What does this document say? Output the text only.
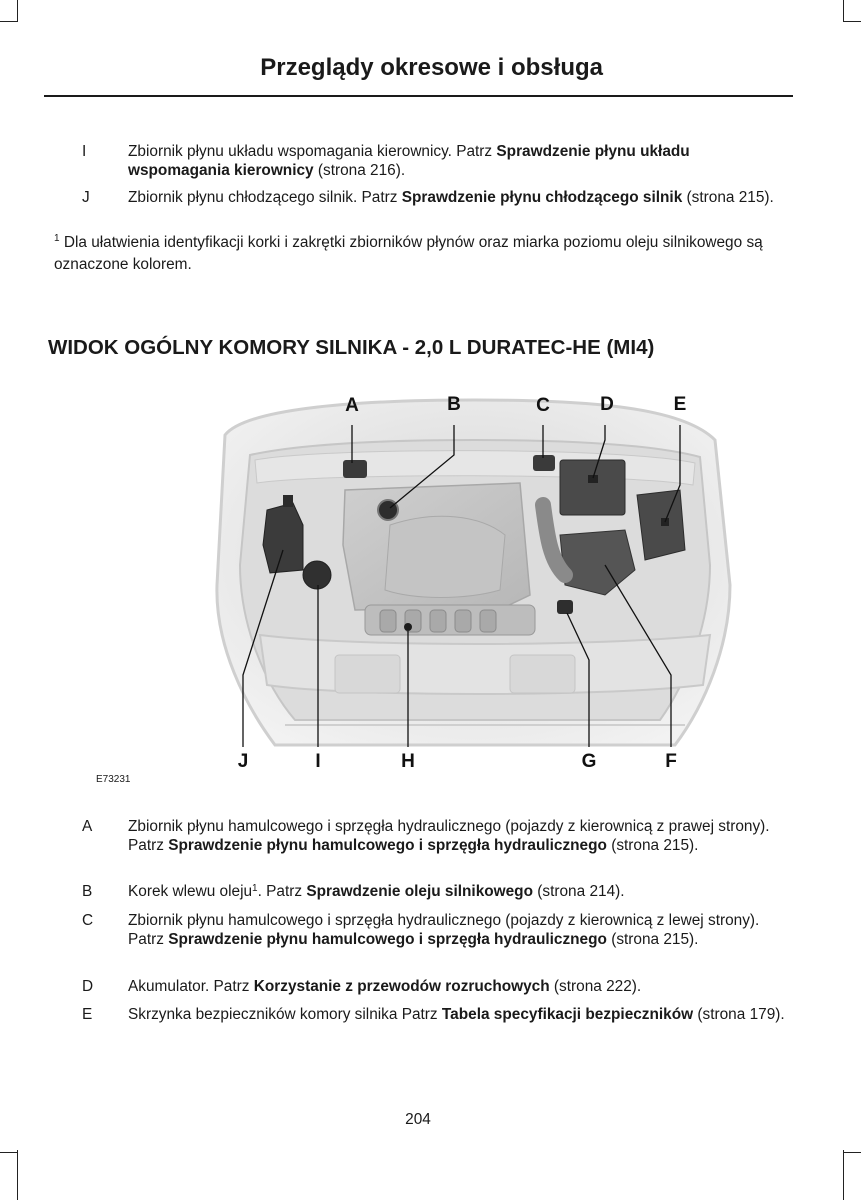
Przeglądy okresowe i obsługa
I	Zbiornik płynu układu wspomagania kierownicy. Patrz Sprawdzenie płynu układu wspomagania kierownicy (strona 216).
J Zbiornik płynu chłodzącego silnik. Patrz Sprawdzenie płynu chłodzącego silnik (strona 215).
$^1$ Dla ułatwienia identyfikacji korki i zakrętki zbiorników płynów oraz miarka poziomu oleju silnikowego są oznaczone kolorem.
WIDOK OGÓLNY KOMORY SILNIKA - 2,0 L DURATEC-HE (MI4)
A	B	C	D	E
J	I	H	G	F
E73231
A Zbiornik płynu hamulcowego i sprzęgła hydraulicznego (pojazdy z kierownicą z prawej strony). Patrz Sprawdzenie płynu hamulcowego i sprzęgła hydraulicznego (strona 215).
B Korek wlewu oleju$^1$. Patrz Sprawdzenie oleju silnikowego (strona 214).
C Zbiornik płynu hamulcowego i sprzęgła hydraulicznego (pojazdy z kierownicą z lewej strony). Patrz Sprawdzenie płynu hamulcowego i sprzęgła hydraulicznego (strona 215).
D Akumulator. Patrz Korzystanie z przewodów rozruchowych (strona 222).
E Skrzynka bezpieczników komory silnika Patrz Tabela specyfikacji bezpieczników (strona 179).
204
